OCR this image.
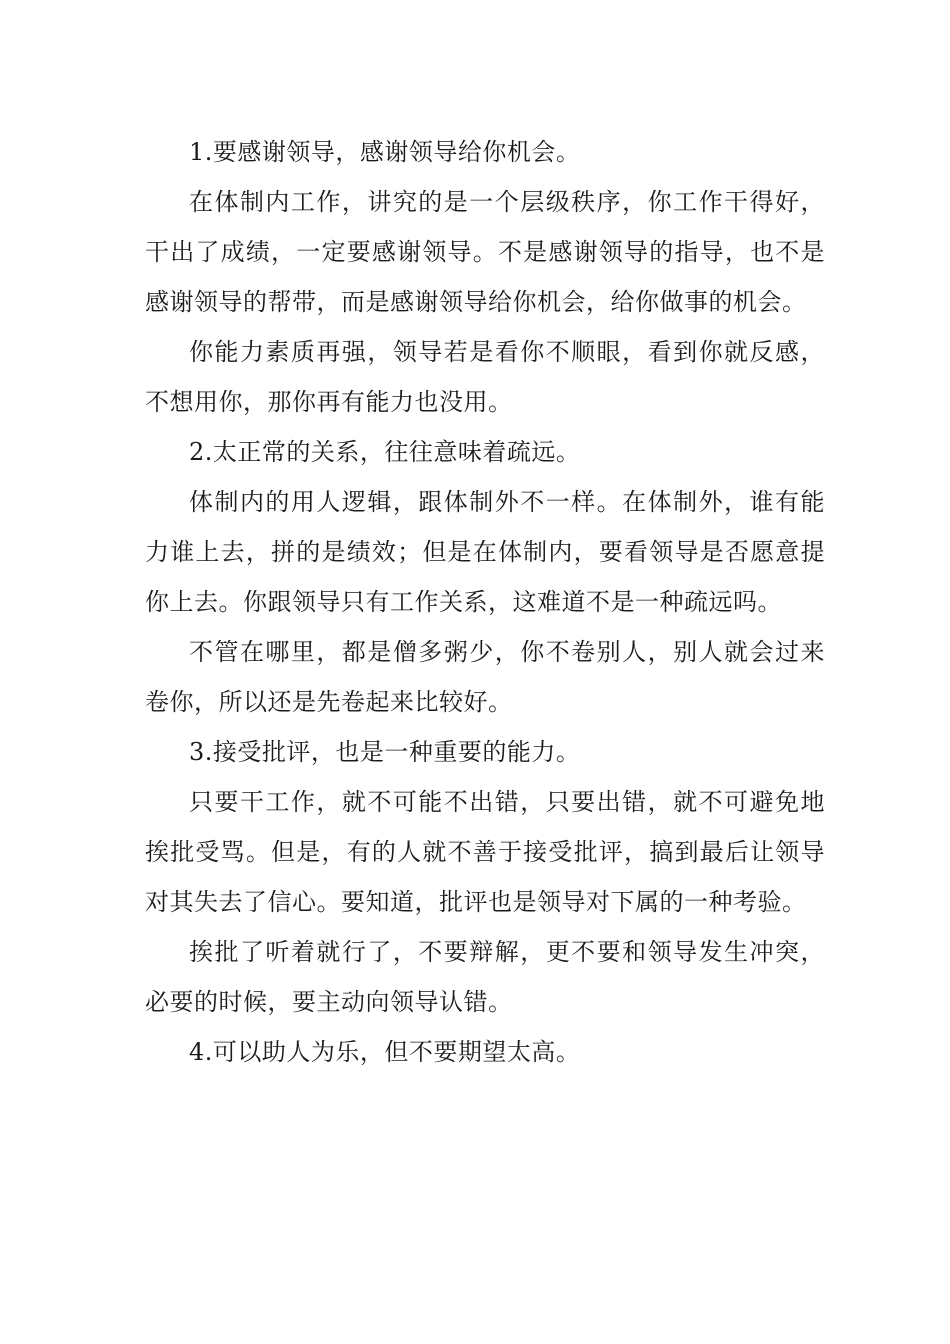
1.要感谢领导，感谢领导给你机会。

在体制内工作，讲究的是一个层级秩序，你工作干得好，干出了成绩，一定要感谢领导。不是感谢领导的指导，也不是感谢领导的帮带，而是感谢领导给你机会，给你做事的机会。

你能力素质再强，领导若是看你不顺眼，看到你就反感，不想用你，那你再有能力也没用。

2.太正常的关系，往往意味着疏远。

体制内的用人逻辑，跟体制外不一样。在体制外，谁有能力谁上去，拼的是绩效；但是在体制内，要看领导是否愿意提你上去。你跟领导只有工作关系，这难道不是一种疏远吗。

不管在哪里，都是僧多粥少，你不卷别人，别人就会过来卷你，所以还是先卷起来比较好。

3.接受批评，也是一种重要的能力。

只要干工作，就不可能不出错，只要出错，就不可避免地挨批受骂。但是，有的人就不善于接受批评，搞到最后让领导对其失去了信心。要知道，批评也是领导对下属的一种考验。

挨批了听着就行了，不要辩解，更不要和领导发生冲突，必要的时候，要主动向领导认错。

4.可以助人为乐，但不要期望太高。
